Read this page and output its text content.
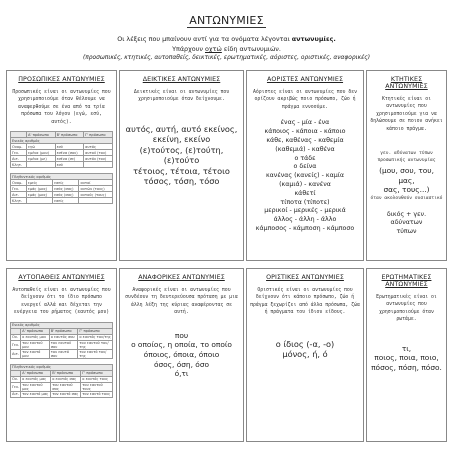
ΑΝΤΩΝΥΜΙΕΣ
Οι λέξεις που μπαίνουν αντί για τα ονόματα λέγονται αντωνυμίες.
Υπάρχουν οχτώ είδη αντωνυμιών.
(προσωπικές, κτητικές, αυτοπαθείς, δεικτικές, ερωτηματικές, αόριστες, οριστικές, αναφορικές)
ΠΡΟΣΩΠΙΚΕΣ ΑΝΤΩΝΥΜΙΕΣ
Προσωπικές είναι οι αντωνυμίες που χρησιμοποιούμε όταν θέλουμε να αναφερθούμε σε ένα από τα τρία πρόσωπα του λόγου (εγώ, εσύ, αυτός).
	Α' πρόσωπο	Β' πρόσωπο	Γ' πρόσωπο
Ενικός αριθμός			
Ονομ.	εγώ	εσύ	αυτός
Γεν.	εμένα (μου)	εσένα (σου)	αυτού (του)
Αιτ.	εμένα (με)	εσένα (σε)	αυτόν (τον)
Κλητ.		εσύ	
Πληθυντικός αριθμός			
Ονομ.	εμείς	εσείς	αυτοί
Γεν.	εμάς (μας)	εσάς (σας)	αυτών (τους)
Αιτ.	εμάς (μας)	εσάς (σας)	αυτούς (τους)
Κλητ.		εσείς	
ΔΕΙΚΤΙΚΕΣ ΑΝΤΩΝΥΜΙΕΣ
Δεικτικές είναι οι αντωνυμίες που χρησιμοποιούμε όταν δείχνουμε.
αυτός, αυτή, αυτό εκείνος,
εκείνη, εκείνο
(ε)τούτος, (ε)τούτη,
(ε)τούτο
τέτοιος, τέτοια, τέτοιο
τόσος, τόση, τόσο
ΑΟΡΙΣΤΕΣ ΑΝΤΩΝΥΜΙΕΣ
Αόριστες είναι οι αντωνυμίες που δεν ορίζουν ακριβώς ποιο πρόσωπο, ζώο ή πράγμα εννοούμε.
ένας - μία - ένα
κάποιος - κάποια - κάποιο
κάθε, καθένας - καθεμία
(καθεμιά) - καθένα
ο τάδε
ο δείνα
κανένας (κανείς) - καμία
(καμιά) - κανένα
κάθετί
τίποτα (τίποτε)
μερικοί - μερικές - μερικά
άλλος - άλλη - άλλο
κάμποσος - κάμποση - κάμποσο
ΚΤΗΤΙΚΕΣ ΑΝΤΩΝΥΜΙΕΣ
Κτητικές είναι οι αντωνυμίες που χρησιμοποιούμε για να δηλώσουμε σε ποιον ανήκει κάποιο πράγμα.
γεν. αδύνατων τύπων προσωπικής αντωνυμίας
(μου, σου, του, μας,
σας, τους...)
όταν ακολουθούν ουσιαστικό
δικός + γεν. αδύνατων
τύπων
ΑΥΤΟΠΑΘΕΙΣ ΑΝΤΩΝΥΜΙΕΣ
Αυτοπαθείς είναι οι αντωνυμίες που δείχνουν ότι το ίδιο πρόσωπο ενεργεί αλλά και δέχεται την ενέργεια του ρήματος (εαυτός μου)
Ενικός αριθμός			
	Α' πρόσωπο	Β' πρόσωπο	Γ' πρόσωπο
Ον.	ο εαυτός μου	ο εαυτός σου	ο εαυτός του/της
Γεν.	του εαυτού μου	του εαυτού σου	του εαυτού του/της
Αιτ.	τον εαυτό μου	τον εαυτό σου	τον εαυτό του/της
Πληθυντικός αριθμός			
	Α' πρόσωπο	Β' πρόσωπο	Γ' πρόσωπο
Ον.	ο εαυτός μας	ο εαυτός σας	ο εαυτός τους
Γεν.	του εαυτού μας	του εαυτού σας	του εαυτού τους
Αιτ.	τον εαυτό μας	τον εαυτό σας	τον εαυτό τους
ΑΝΑΦΟΡΙΚΕΣ ΑΝΤΩΝΥΜΙΕΣ
Αναφορικές είναι οι αντωνυμίες που συνδέουν τη δευτερεύουσα πρόταση με μια άλλη λέξη της κύριας αναφέροντας σε αυτή.
που
ο οποίος, η οποία, το οποίο
όποιος, όποια, όποιο
όσος, όση, όσο
ό,τι
ΟΡΙΣΤΙΚΕΣ ΑΝΤΩΝΥΜΙΕΣ
Οριστικές είναι οι αντωνυμίες που δείχνουν ότι κάποιο πρόσωπο, ζώο ή πράγμα ξεχωρίζει από άλλα πρόσωπα, ζώα ή πράγματα του ίδιου είδους.
ο ίδιος (-α, -ο)
μόνος, ή, ό
ΕΡΩΤΗΜΑΤΙΚΕΣ ΑΝΤΩΝΥΜΙΕΣ
Ερωτηματικές είναι οι αντωνυμίες που χρησιμοποιούμε όταν ρωτάμε.
τι,
ποιος, ποια, ποιο,
πόσος, πόση, πόσο.
